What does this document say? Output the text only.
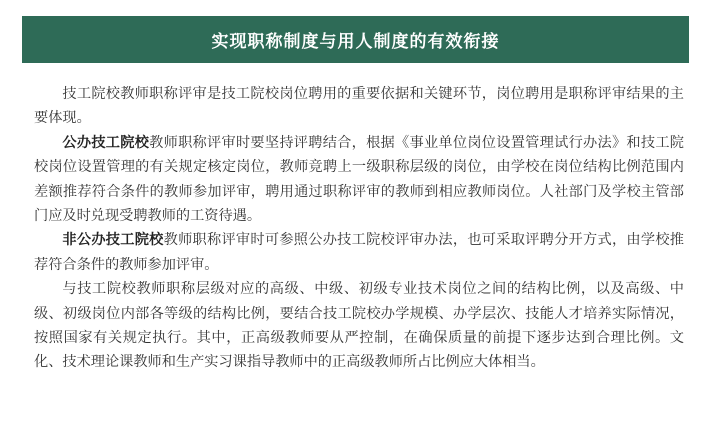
实现职称制度与用人制度的有效衔接

技工院校教师职称评审是技工院校岗位聘用的重要依据和关键环节，岗位聘用是职称评审结果的主要体现。

公办技工院校教师职称评审时要坚持评聘结合，根据《事业单位岗位设置管理试行办法》和技工院校岗位设置管理的有关规定核定岗位，教师竞聘上一级职称层级的岗位，由学校在岗位结构比例范围内差额推荐符合条件的教师参加评审，聘用通过职称评审的教师到相应教师岗位。人社部门及学校主管部门应及时兑现受聘教师的工资待遇。

非公办技工院校教师职称评审时可参照公办技工院校评审办法，也可采取评聘分开方式，由学校推荐符合条件的教师参加评审。

与技工院校教师职称层级对应的高级、中级、初级专业技术岗位之间的结构比例，以及高级、中级、初级岗位内部各等级的结构比例，要结合技工院校办学规模、办学层次、技能人才培养实际情况，按照国家有关规定执行。其中，正高级教师要从严控制，在确保质量的前提下逐步达到合理比例。文化、技术理论课教师和生产实习课指导教师中的正高级教师所占比例应大体相当。
